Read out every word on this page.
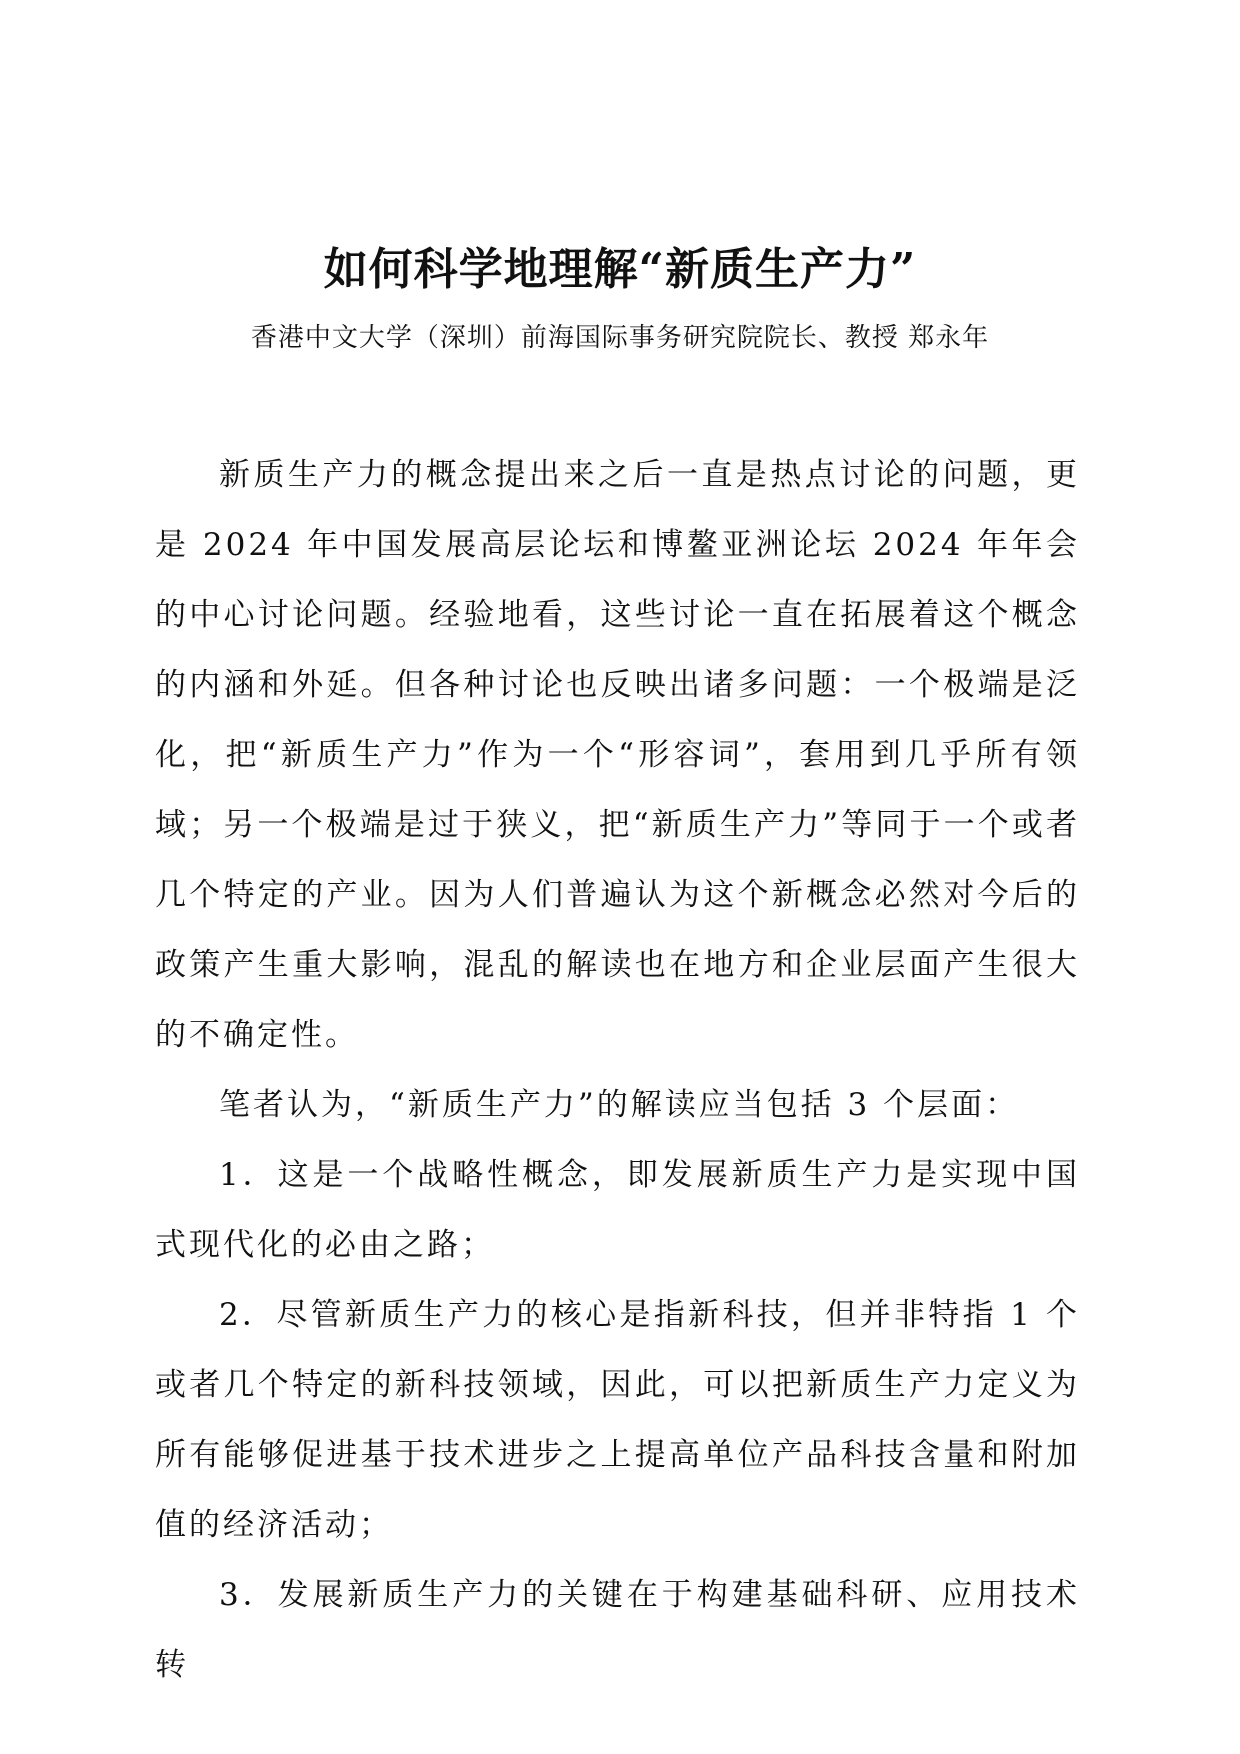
如何科学地理解“新质生产力”
香港中文大学（深圳）前海国际事务研究院院长、教授 郑永年

新质生产力的概念提出来之后一直是热点讨论的问题，更是 2024 年中国发展高层论坛和博鳌亚洲论坛 2024 年年会的中心讨论问题。经验地看，这些讨论一直在拓展着这个概念的内涵和外延。但各种讨论也反映出诸多问题：一个极端是泛化，把“新质生产力”作为一个“形容词”，套用到几乎所有领域；另一个极端是过于狭义，把“新质生产力”等同于一个或者几个特定的产业。因为人们普遍认为这个新概念必然对今后的政策产生重大影响，混乱的解读也在地方和企业层面产生很大的不确定性。

笔者认为，“新质生产力”的解读应当包括 3 个层面：

1．这是一个战略性概念，即发展新质生产力是实现中国式现代化的必由之路；

2．尽管新质生产力的核心是指新科技，但并非特指 1 个或者几个特定的新科技领域，因此，可以把新质生产力定义为所有能够促进基于技术进步之上提高单位产品科技含量和附加值的经济活动；

3．发展新质生产力的关键在于构建基础科研、应用技术转
